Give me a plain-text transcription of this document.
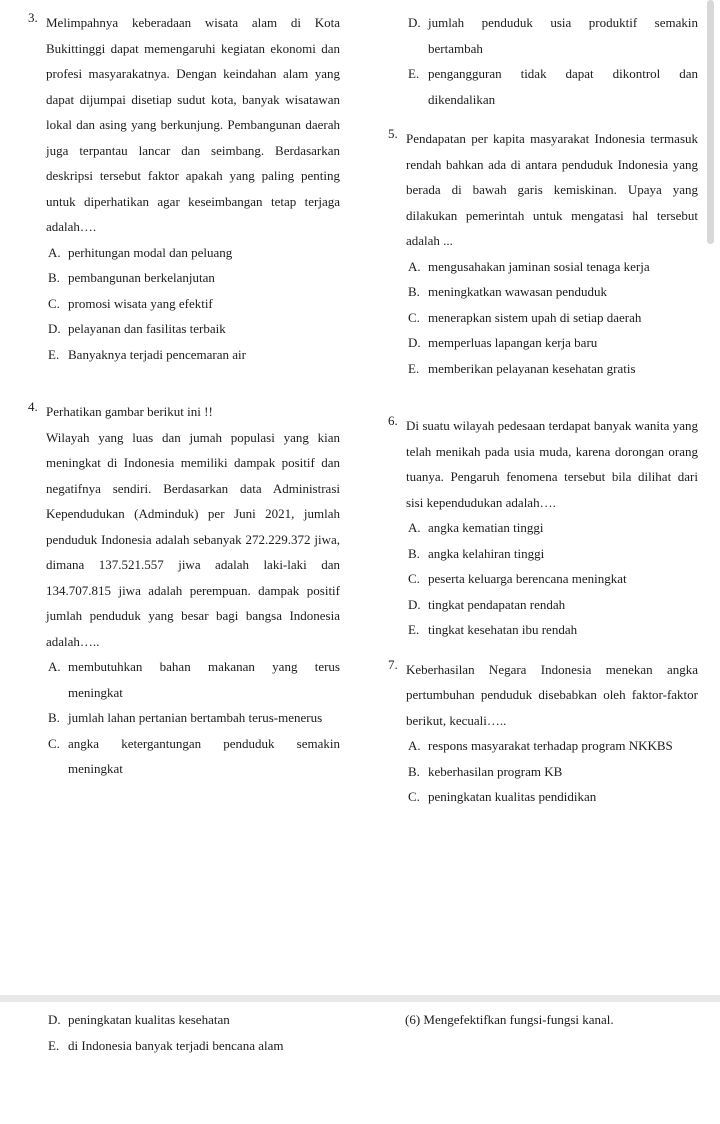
3. Melimpahnya keberadaan wisata alam di Kota Bukittinggi dapat memengaruhi kegiatan ekonomi dan profesi masyarakatnya. Dengan keindahan alam yang dapat dijumpai disetiap sudut kota, banyak wisatawan lokal dan asing yang berkunjung. Pembangunan daerah juga terpantau lancar dan seimbang. Berdasarkan deskripsi tersebut faktor apakah yang paling penting untuk diperhatikan agar keseimbangan tetap terjaga adalah….
A. perhitungan modal dan peluang
B. pembangunan berkelanjutan
C. promosi wisata yang efektif
D. pelayanan dan fasilitas terbaik
E. Banyaknya terjadi pencemaran air
4. Perhatikan gambar berikut ini !!
Wilayah yang luas dan jumah populasi yang kian meningkat di Indonesia memiliki dampak positif dan negatifnya sendiri. Berdasarkan data Administrasi Kependudukan (Adminduk) per Juni 2021, jumlah penduduk Indonesia adalah sebanyak 272.229.372 jiwa, dimana 137.521.557 jiwa adalah laki-laki dan 134.707.815 jiwa adalah perempuan. dampak positif jumlah penduduk yang besar bagi bangsa Indonesia adalah…..
A. membutuhkan bahan makanan yang terus meningkat
B. jumlah lahan pertanian bertambah terus-menerus
C. angka ketergantungan penduduk semakin meningkat
D. jumlah penduduk usia produktif semakin bertambah
E. pengangguran tidak dapat dikontrol dan dikendalikan
5. Pendapatan per kapita masyarakat Indonesia termasuk rendah bahkan ada di antara penduduk Indonesia yang berada di bawah garis kemiskinan. Upaya yang dilakukan pemerintah untuk mengatasi hal tersebut adalah ...
A. mengusahakan jaminan sosial tenaga kerja
B. meningkatkan wawasan penduduk
C. menerapkan sistem upah di setiap daerah
D. memperluas lapangan kerja baru
E. memberikan pelayanan kesehatan gratis
6. Di suatu wilayah pedesaan terdapat banyak wanita yang telah menikah pada usia muda, karena dorongan orang tuanya. Pengaruh fenomena tersebut bila dilihat dari sisi kependudukan adalah….
A. angka kematian tinggi
B. angka kelahiran tinggi
C. peserta keluarga berencana meningkat
D. tingkat pendapatan rendah
E. tingkat kesehatan ibu rendah
7. Keberhasilan Negara Indonesia menekan angka pertumbuhan penduduk disebabkan oleh faktor-faktor berikut, kecuali…..
A. respons masyarakat terhadap program NKKBS
B. keberhasilan program KB
C. peningkatan kualitas pendidikan
D. peningkatan kualitas kesehatan
E. di Indonesia banyak terjadi bencana alam
(6) Mengefektifkan fungsi-fungsi kanal.
